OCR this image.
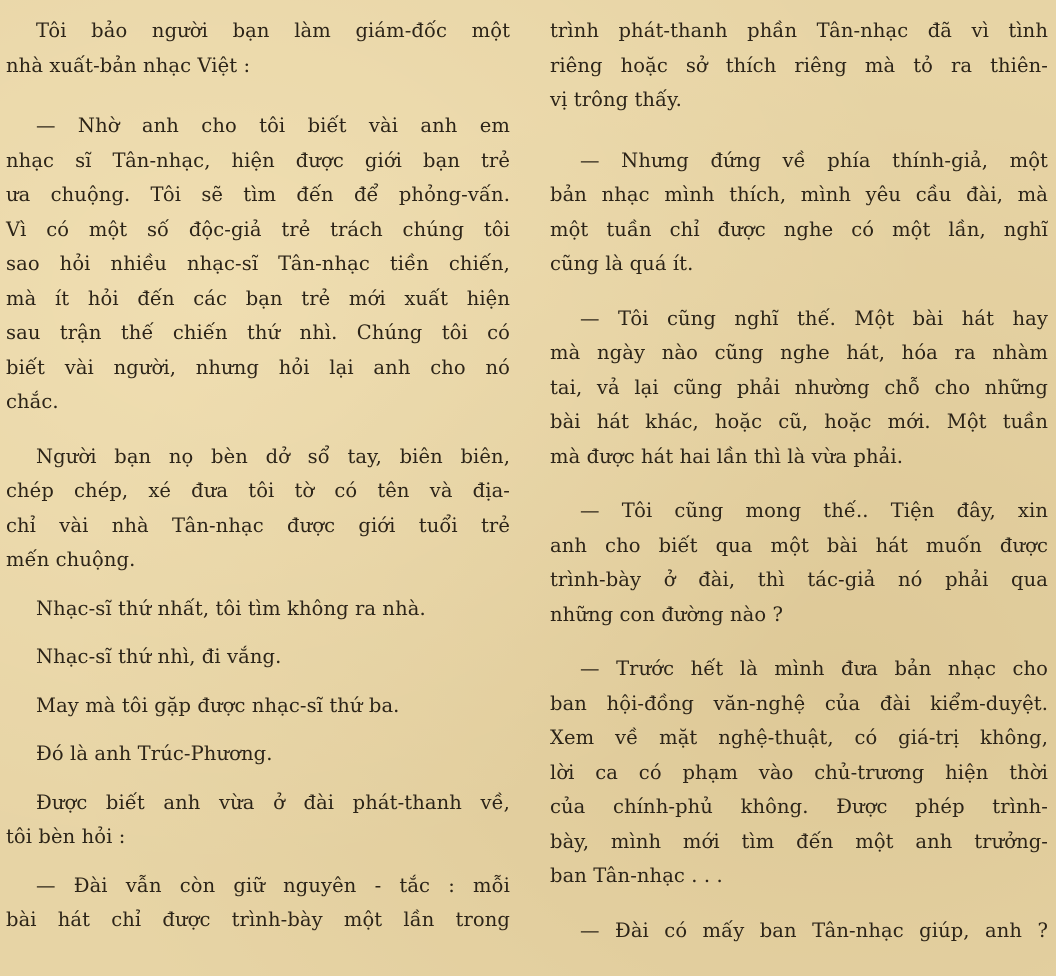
Tôi bảo người bạn làm giám-đốc một
nhà xuất-bản nhạc Việt :
— Nhờ anh cho tôi biết vài anh em
nhạc sĩ Tân-nhạc, hiện được giới bạn trẻ
ưa chuộng. Tôi sẽ tìm đến để phỏng-vấn.
Vì có một số độc-giả trẻ trách chúng tôi
sao hỏi nhiều nhạc-sĩ Tân-nhạc tiền chiến,
mà ít hỏi đến các bạn trẻ mới xuất hiện
sau trận thế chiến thứ nhì. Chúng tôi có
biết vài người, nhưng hỏi lại anh cho nó
chắc.
Người bạn nọ bèn dở sổ tay, biên biên,
chép chép, xé đưa tôi tờ có tên và địa-
chỉ vài nhà Tân-nhạc được giới tuổi trẻ
mến chuộng.
Nhạc-sĩ thứ nhất, tôi tìm không ra nhà.
Nhạc-sĩ thứ nhì, đi vắng.
May mà tôi gặp được nhạc-sĩ thứ ba.
Đó là anh Trúc-Phương.
Được biết anh vừa ở đài phát-thanh về,
tôi bèn hỏi :
— Đài vẫn còn giữ nguyên - tắc : mỗi
bài hát chỉ được trình-bày một lần trong
trình phát-thanh phần Tân-nhạc đã vì tình
riêng hoặc sở thích riêng mà tỏ ra thiên-
vị trông thấy.
— Nhưng đứng về phía thính-giả, một
bản nhạc mình thích, mình yêu cầu đài, mà
một tuần chỉ được nghe có một lần, nghĩ
cũng là quá ít.
— Tôi cũng nghĩ thế. Một bài hát hay
mà ngày nào cũng nghe hát, hóa ra nhàm
tai, vả lại cũng phải nhường chỗ cho những
bài hát khác, hoặc cũ, hoặc mới. Một tuần
mà được hát hai lần thì là vừa phải.
— Tôi cũng mong thế.. Tiện đây, xin
anh cho biết qua một bài hát muốn được
trình-bày ở đài, thì tác-giả nó phải qua
những con đường nào ?
— Trước hết là mình đưa bản nhạc cho
ban hội-đồng văn-nghệ của đài kiểm-duyệt.
Xem về mặt nghệ-thuật, có giá-trị không,
lời ca có phạm vào chủ-trương hiện thời
của chính-phủ không. Được phép trình-
bày, mình mới tìm đến một anh trưởng-
ban Tân-nhạc . . .
— Đài có mấy ban Tân-nhạc giúp, anh ?
